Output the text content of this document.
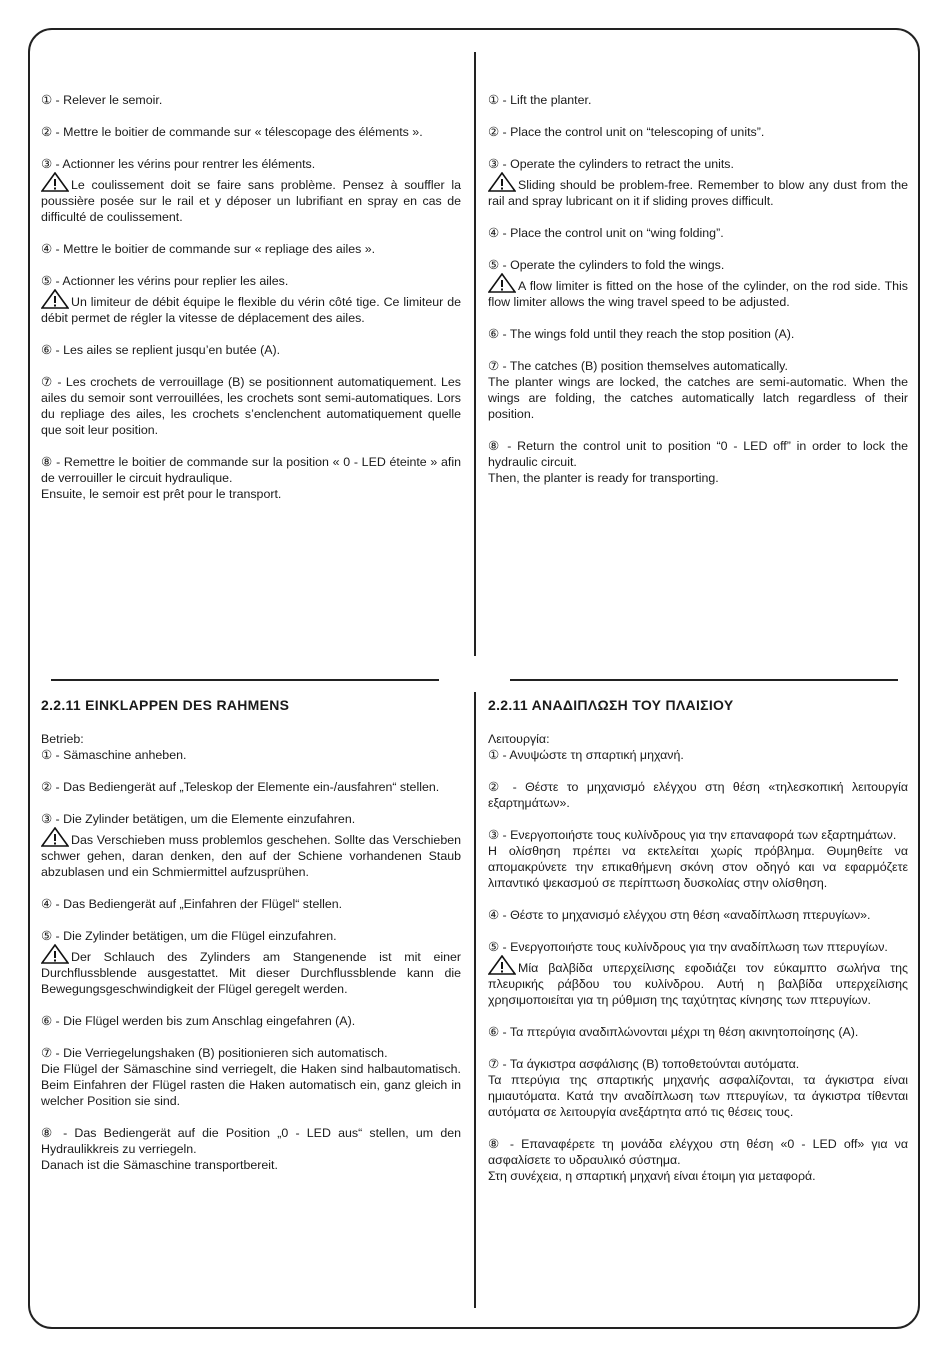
① - Relever le semoir.

② - Mettre le boitier de commande sur « télescopage des éléments ».

③ - Actionner les vérins pour rentrer les éléments.

Le coulissement doit se faire sans problème. Pensez à souffler la poussière posée sur le rail et y déposer un lubrifiant en spray en cas de difficulté de coulissement.

④ - Mettre le boitier de commande sur « repliage des ailes ».

⑤ - Actionner les vérins pour replier les ailes.

Un limiteur de débit équipe le flexible du vérin côté tige. Ce limiteur de débit permet de régler la vitesse de déplacement des ailes.

⑥ - Les ailes se replient jusqu’en butée (A).

⑦ - Les crochets de verrouillage (B) se positionnent automatiquement. Les ailes du semoir sont verrouillées, les crochets sont semi-automatiques. Lors du repliage des ailes, les crochets s’enclenchent automatiquement quelle que soit leur position.

⑧ - Remettre le boitier de commande sur la position « 0 - LED éteinte » afin de verrouiller le circuit hydraulique.

Ensuite, le semoir est prêt pour le transport.

① - Lift the planter.

② - Place the control unit on “telescoping of units”.

③ - Operate the cylinders to retract the units.

Sliding should be problem-free. Remember to blow any dust from the rail and spray lubricant on it if sliding proves difficult.

④ - Place the control unit on “wing folding”.

⑤ - Operate the cylinders to fold the wings.

A flow limiter is fitted on the hose of the cylinder, on the rod side. This flow limiter allows the wing travel speed to be adjusted.

⑥ - The wings fold until they reach the stop position (A).

⑦ - The catches (B) position themselves automatically.

The planter wings are locked, the catches are semi-automatic. When the wings are folding, the catches automatically latch regardless of their position.

⑧ - Return the control unit to position “0 - LED off” in order to lock the hydraulic circuit.

Then, the planter is ready for transporting.

2.2.11 EINKLAPPEN DES RAHMENS

Betrieb:

① - Sämaschine anheben.

② - Das Bediengerät auf „Teleskop der Elemente ein-/ausfahren“ stellen.

③ - Die Zylinder betätigen, um die Elemente einzufahren.

Das Verschieben muss problemlos geschehen. Sollte das Verschieben schwer gehen, daran denken, den auf der Schiene vorhandenen Staub abzublasen und ein Schmiermittel aufzusprühen.

④ - Das Bediengerät auf „Einfahren der Flügel“ stellen.

⑤ - Die Zylinder betätigen, um die Flügel einzufahren.

Der Schlauch des Zylinders am Stangenende ist mit einer Durchflussblende ausgestattet. Mit dieser Durchflussblende kann die Bewegungsgeschwindigkeit der Flügel geregelt werden.

⑥ - Die Flügel werden bis zum Anschlag eingefahren (A).

⑦ - Die Verriegelungshaken (B) positionieren sich automatisch.

Die Flügel der Sämaschine sind verriegelt, die Haken sind halbautomatisch. Beim Einfahren der Flügel rasten die Haken automatisch ein, ganz gleich in welcher Position sie sind.

⑧ - Das Bediengerät auf die Position „0 - LED aus“ stellen, um den Hydraulikkreis zu verriegeln.

Danach ist die Sämaschine transportbereit.

2.2.11 ΑΝΑΔΙΠΛΩΣΗ ΤΟΥ ΠΛΑΙΣΙΟΥ

Λειτουργία:

① - Ανυψώστε τη σπαρτική μηχανή.

② - Θέστε το μηχανισμό ελέγχου στη θέση «τηλεσκοπική λειτουργία εξαρτημάτων».

③ - Ενεργοποιήστε τους κυλίνδρους για την επαναφορά των εξαρτημάτων.

Η ολίσθηση πρέπει να εκτελείται χωρίς πρόβλημα. Θυμηθείτε να απομακρύνετε την επικαθήμενη σκόνη στον οδηγό και να εφαρμόζετε λιπαντικό ψεκασμού σε περίπτωση δυσκολίας στην ολίσθηση.

④ - Θέστε το μηχανισμό ελέγχου στη θέση «αναδίπλωση πτερυγίων».

⑤ - Ενεργοποιήστε τους κυλίνδρους για την αναδίπλωση των πτερυγίων.

Μία βαλβίδα υπερχείλισης εφοδιάζει τον εύκαμπτο σωλήνα της πλευρικής ράβδου του κυλίνδρου. Αυτή η βαλβίδα υπερχείλισης χρησιμοποιείται για τη ρύθμιση της ταχύτητας κίνησης των πτερυγίων.

⑥ - Τα πτερύγια αναδιπλώνονται μέχρι τη θέση ακινητοποίησης (A).

⑦ - Τα άγκιστρα ασφάλισης (B) τοποθετούνται αυτόματα.

Τα πτερύγια της σπαρτικής μηχανής ασφαλίζονται, τα άγκιστρα είναι ημιαυτόματα. Κατά την αναδίπλωση των πτερυγίων, τα άγκιστρα τίθενται αυτόματα σε λειτουργία ανεξάρτητα από τις θέσεις τους.

⑧ - Επαναφέρετε τη μονάδα ελέγχου στη θέση «0 - LED off» για να ασφαλίσετε το υδραυλικό σύστημα.

Στη συνέχεια, η σπαρτική μηχανή είναι έτοιμη για μεταφορά.
